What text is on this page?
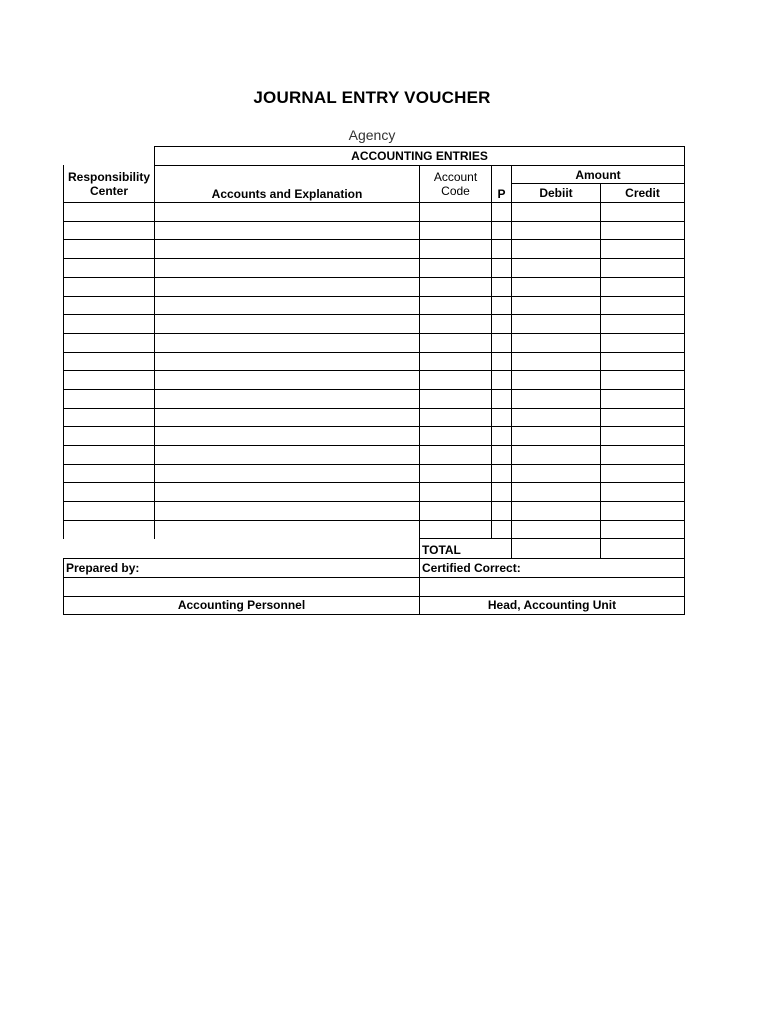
JOURNAL ENTRY VOUCHER
Agency
	ACCOUNTING ENTRIES				
Responsibility Center	Accounts and Explanation	Account Code	P	Amount	
				Debiit	Credit

		TOTAL			
Prepared by:		Certified Correct:			

Accounting Personnel		Head, Accounting Unit			
